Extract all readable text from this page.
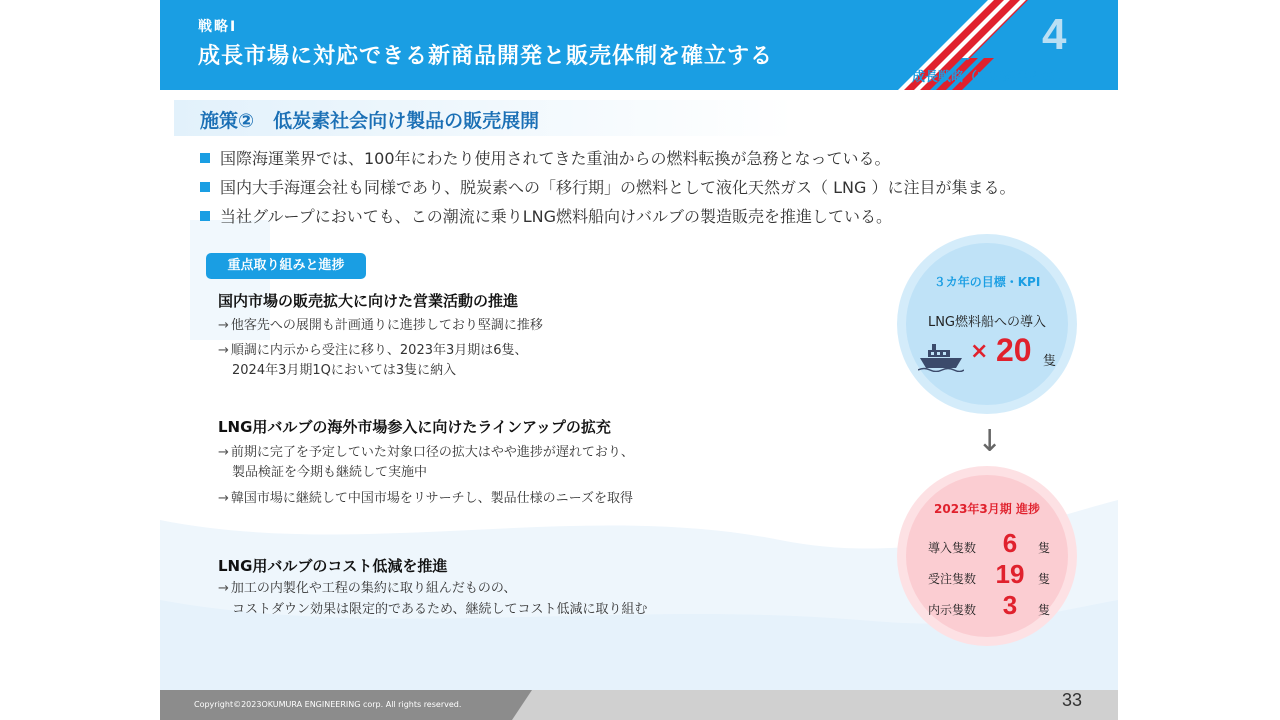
戦略Ⅰ
成長市場に対応できる新商品開発と販売体制を確立する	4
成長戦略（中期経営計画）
施策②　低炭素社会向け製品の販売展開
国際海運業界では、100年にわたり使用されてきた重油からの燃料転換が急務となっている。
国内大手海運会社も同様であり、脱炭素への「移行期」の燃料として液化天然ガス（ LNG ）に注目が集まる。
当社グループにおいても、この潮流に乗りLNG燃料船向けバルブの製造販売を推進している。
重点取り組みと進捗
国内市場の販売拡大に向けた営業活動の推進
→ 他客先への展開も計画通りに進捗しており堅調に推移
→ 順調に内示から受注に移り、2023年3月期は6隻、
2024年3月期1Qにおいては3隻に納入
LNG用バルブの海外市場参入に向けたラインアップの拡充
→ 前期に完了を予定していた対象口径の拡大はやや進捗が遅れており、
製品検証を今期も継続して実施中
→ 韓国市場に継続して中国市場をリサーチし、製品仕様のニーズを取得
LNG用バルブのコスト低減を推進
→ 加工の内製化や工程の集約に取り組んだものの、
コストダウン効果は限定的であるため、継続してコスト低減に取り組む
３カ年の目標・KPI
LNG燃料船への導入
× 20 隻
↓
2023年3月期 進捗
導入隻数	6	隻
受注隻数 19	隻
内示隻数	3	隻
Copyright©2023OKUMURA ENGINEERING corp. All rights reserved.	33
